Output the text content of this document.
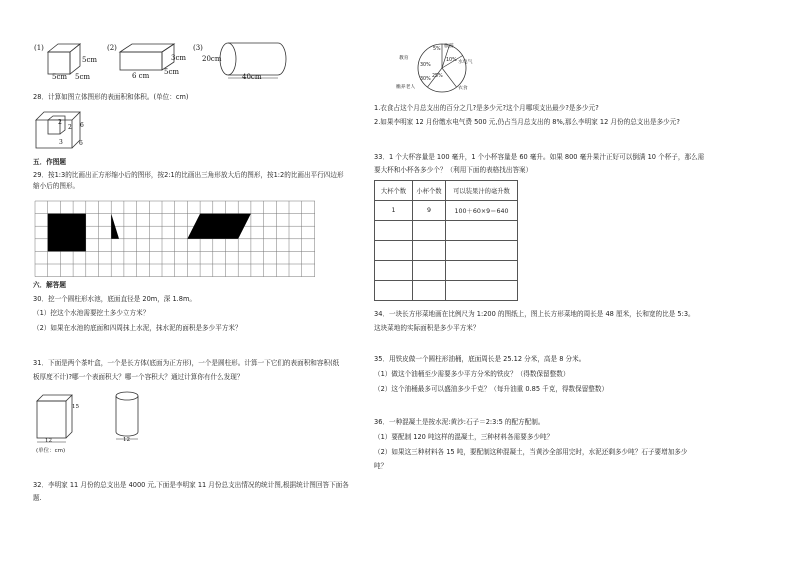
(1)
5cm
5cm 5cm
(2)
3cm
6 cm 5cm
(3)
20cm
40cm
28．计算如图立体图形的表面积和体积。(单位：cm)
2
2 6
6
3
五．作图题
29．按1:3的比画出正方形缩小后的图形，按2:1的比画出三角形放大后的图形，按1:2的比画出平行四边形
缩小后的图形。
六．解答题
30．挖一个圆柱形水池，底面直径是 20m，深 1.8m。
（1）挖这个水池需要挖土多少立方米？
（2）如果在水池的底面和四周抹上水泥，抹水泥的面积是多少平方米？
31．下面是两个茶叶盒，一个是长方体(底面为正方形)，一个是圆柱形。计算一下它们的表面积和容积(纸
板厚度不计)?哪一个表面积大？哪一个容积大？通过计算你有什么发现？
15
12
(单位：cm)
12
32．李明家 11 月份的总支出是 4000 元,下面是李明家 11 月份总支出情况的统计图,根据统计图回答下面各
题.
旅游
水电气
衣食
赡养老人
教育
5%
10%
25%
30%
30%
1.衣食占这个月总支出的百分之几?是多少元?这个月哪项支出最少?是多少元?
2.如果李明家 12 月份缴水电气费 500 元,仍占当月总支出的 8%,那么李明家 12 月份的总支出是多少元?
33．1 个大杯容量是 100 毫升，1 个小杯容量是 60 毫升。如果 800 毫升果汁正好可以倒满 10 个杯子，那么需
要大杯和小杯各多少个？（利用下面的表格找出答案）
大杯个数	小杯个数	可以装果汁的毫升数
1	9	100＋60×9＝640

34．一块长方形菜地画在比例尺为 1:200 的图纸上，图上长方形菜地的周长是 48 厘米，长和宽的比是 5:3。
这块菜地的实际面积是多少平方米？
35．用铁皮做一个圆柱形油桶，底面周长是 25.12 分米，高是 8 分米。
（1）做这个油桶至少需要多少平方分米的铁皮？（得数保留整数）
（2）这个油桶最多可以盛油多少千克？（每升油重 0.85 千克，得数保留整数）
36．一种混凝土是按水泥:黄沙:石子＝2:3:5 的配方配制。
（1）要配制 120 吨这样的混凝土，三种材料各需要多少吨？
（2）如果这三种材料各 15 吨，要配制这种混凝土，当黄沙全部用完时，水泥还剩多少吨？石子要增加多少
吨？
